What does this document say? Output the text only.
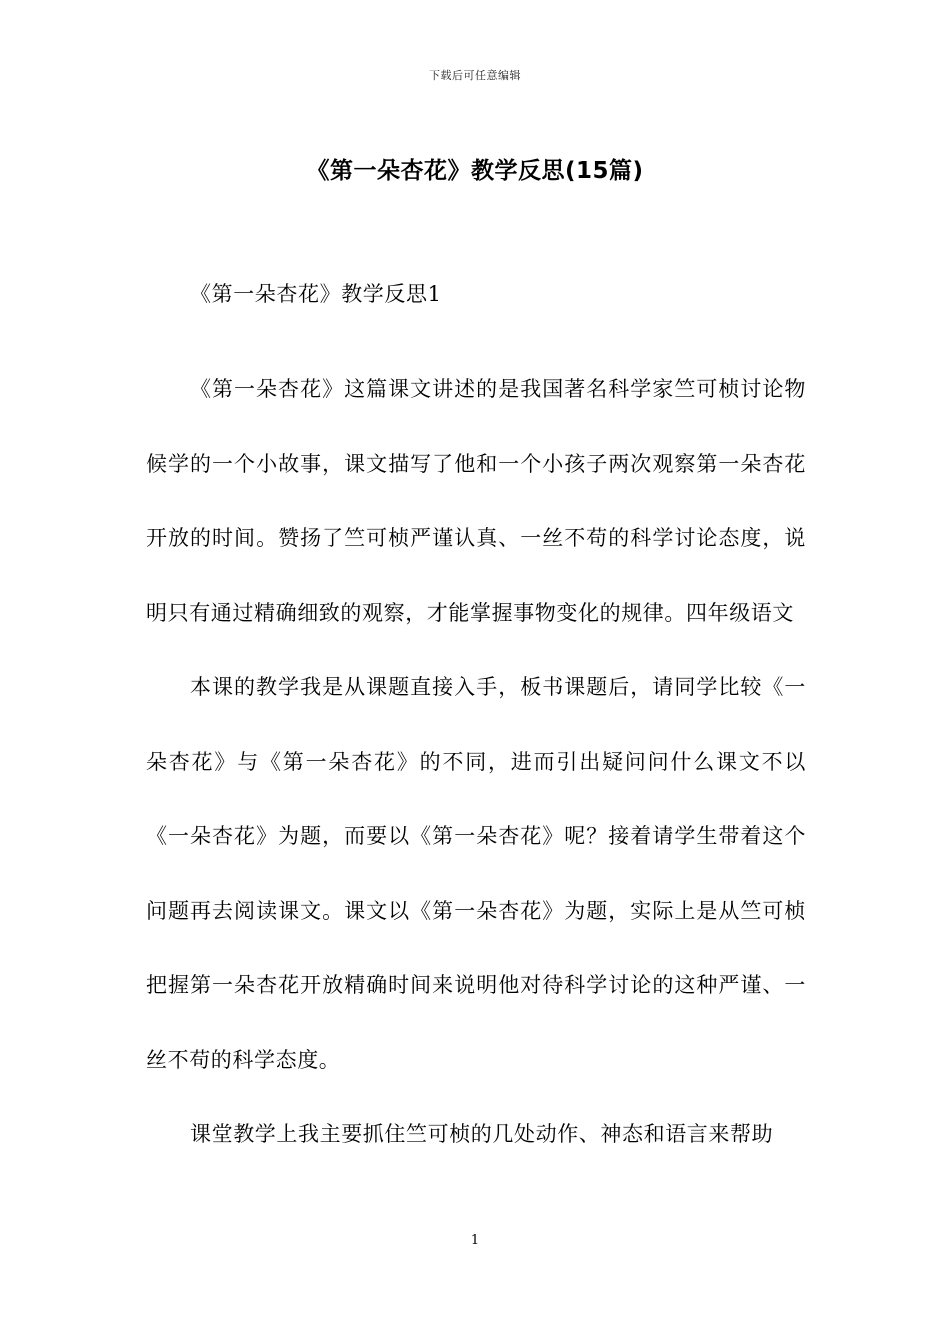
下载后可任意编辑
《第一朵杏花》教学反思(15篇)

《第一朵杏花》教学反思1

《第一朵杏花》这篇课文讲述的是我国著名科学家竺可桢讨论物候学的一个小故事，课文描写了他和一个小孩子两次观察第一朵杏花开放的时间。赞扬了竺可桢严谨认真、一丝不苟的科学讨论态度，说明只有通过精确细致的观察，才能掌握事物变化的规律。四年级语文

本课的教学我是从课题直接入手，板书课题后，请同学比较《一朵杏花》与《第一朵杏花》的不同，进而引出疑问问什么课文不以《一朵杏花》为题，而要以《第一朵杏花》呢？接着请学生带着这个问题再去阅读课文。课文以《第一朵杏花》为题，实际上是从竺可桢把握第一朵杏花开放精确时间来说明他对待科学讨论的这种严谨、一丝不苟的科学态度。

课堂教学上我主要抓住竺可桢的几处动作、神态和语言来帮助

1
